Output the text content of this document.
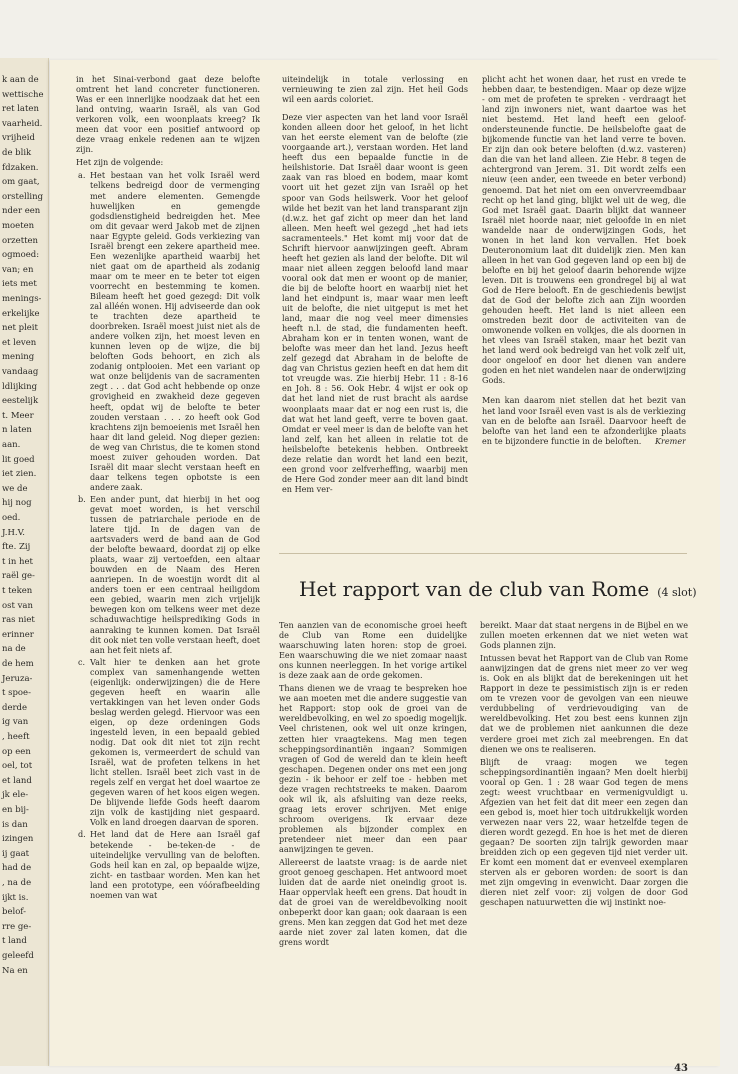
k aan de
wettische
ret laten
vaarheid.
vrijheid
de blik
fdzaken.
om gaat,
orstelling
nder een
moeten
orzetten
ogmoed:
van; en
iets met
menings-
erkelijke
net pleit
et leven
mening
vandaag
ldlijking
eestelijk
t. Meer
n laten
aan.
lit goed
iet zien.
we de
hij nog
oed.
J.H.V.
fte. Zij
t in het
raël ge-
t teken
ost van
ras niet
erinner
na de
de hem
Jeruza-
t spoe-
derde
ig van
, heeft
op een
oel, tot
et land
jk ele-
en bij-
is dan
izingen
ij gaat
had de
, na de
ijkt is.
belof-
rre ge-
t land
geleefd
Na en

in het Sinai-verbond gaat deze belofte omtrent het land concreter functioneren. Was er een innerlijke noodzaak dat het een land ontving, waarin Israël, als van God verkoren volk, een woonplaats kreeg? Ik meen dat voor een positief antwoord op deze vraag enkele redenen aan te wijzen zijn.

Het zijn de volgende:

a. Het bestaan van het volk Israël werd telkens bedreigd door de vermenging met andere elementen. Gemengde huwelijken en gemengde godsdienstigheid bedreigden het. Mee om dit gevaar werd Jakob met de zijnen naar Egypte geleid. Gods verkiezing van Israël brengt een zekere apartheid mee. Een wezenlijke apartheid waarbij het niet gaat om de apartheid als zodanig maar om te meer en te beter tot eigen voorrecht en bestemming te komen. Bileam heeft het goed gezegd: Dit volk zal alléén wonen. Hij adviseerde dan ook te trachten deze apartheid te doorbreken. Israël moest juist niet als de andere volken zijn, het moest leven en kunnen leven op de wijze, die bij beloften Gods behoort, en zich als zodanig ontplooien. Met een variant op wat onze belijdenis van de sacramenten zegt . . . dat God acht hebbende op onze grovigheid en zwakheid deze gegeven heeft, opdat wij de belofte te beter zouden verstaan . . . zo heeft ook God krachtens zijn bemoeienis met Israël hen haar dit land geleid. Nog dieper gezien: de weg van Christus, die te komen stond moest zuiver gehouden worden. Dat Israël dit maar slecht verstaan heeft en daar telkens tegen opbotste is een andere zaak.
b. Een ander punt, dat hierbij in het oog gevat moet worden, is het verschil tussen de patriarchale periode en de latere tijd. In de dagen van de aartsvaders werd de band aan de God der belofte bewaard, doordat zij op elke plaats, waar zij vertoefden, een altaar bouwden en de Naam des Heren aanriepen. In de woestijn wordt dit al anders toen er een centraal heiligdom een gebied, waarin men zich vrijelijk bewegen kon om telkens weer met deze schaduwachtige heilsprediking Gods in aanraking te kunnen komen. Dat Israël dit ook niet ten volle verstaan heeft, doet aan het feit niets af.
c. Valt hier te denken aan het grote complex van samenhangende wetten (eigenlijk: onderwijzingen) die de Here gegeven heeft en waarin alle vertakkingen van het leven onder Gods beslag werden gelegd. Hiervoor was een eigen, op deze ordeningen Gods ingesteld leven, in een bepaald gebied nodig. Dat ook dit niet tot zijn recht gekomen is, vermeerdert de schuld van Israël, wat de profeten telkens in het licht stellen. Israël beet zich vast in de regels zelf en vergat het doel waartoe ze gegeven waren of het koos eigen wegen. De blijvende liefde Gods heeft daarom zijn volk de kastijding niet gespaard. Volk en land droegen daarvan de sporen.
d. Het land dat de Here aan Israël gaf betekende - be-teken-de - de uiteindelijke vervulling van de beloften. Gods heil kan en zal, op bepaalde wijze, zicht- en tastbaar worden. Men kan het land een prototype, een vóórafbeelding noemen van wat

uiteindelijk in totale verlossing en vernieuwing te zien zal zijn. Het heil Gods wil een aards coloriet.

Deze vier aspecten van het land voor Israël konden alleen door het geloof, in het licht van het eerste element van de belofte (zie voorgaande art.), verstaan worden. Het land heeft dus een bepaalde functie in de heilshistorie. Dat Israël daar woont is geen zaak van ras bloed en bodem, maar komt voort uit het gezet zijn van Israël op het spoor van Gods heilswerk. Voor het geloof wilde het bezit van het land transparant zijn (d.w.z. het gaf zicht op meer dan het land alleen. Men heeft wel gezegd „het had iets sacramenteels." Het komt mij voor dat de Schrift hiervoor aanwijzingen geeft. Abram heeft het gezien als land der belofte. Dit wil maar niet alleen zeggen beloofd land maar vooral ook dat men er woont op de manier, die bij de belofte hoort en waarbij niet het land het eindpunt is, maar waar men leeft uit de belofte, die niet uitgeput is met het land, maar die nog veel meer dimensies heeft n.l. de stad, die fundamenten heeft. Abraham kon er in tenten wonen, want de belofte was meer dan het land. Jezus heeft zelf gezegd dat Abraham in de belofte de dag van Christus gezien heeft en dat hem dit tot vreugde was. Zie hierbij Hebr. 11 : 8-16 en Joh. 8 : 56. Ook Hebr. 4 wijst er ook op dat het land niet de rust bracht als aardse woonplaats maar dat er nog een rust is, die dat wat het land geeft, verre te boven gaat. Omdat er veel meer is dan de belofte van het land zelf, kan het alleen in relatie tot de heilsbelofte betekenis hebben. Ontbreekt deze relatie dan wordt het land een bezit, een grond voor zelfverheffing, waarbij men de Here God zonder meer aan dit land bindt en Hem ver-

plicht acht het wonen daar, het rust en vrede te hebben daar, te bestendigen. Maar op deze wijze - om met de profeten te spreken - verdraagt het land zijn inwoners niet, want daartoe was het niet bestemd. Het land heeft een geloof-ondersteunende functie. De heilsbelofte gaat de bijkomende functie van het land verre te boven. Er zijn dan ook betere beloften (d.w.z. vasteren) dan die van het land alleen. Zie Hebr. 8 tegen de achtergrond van Jerem. 31. Dit wordt zelfs een nieuw (een ander, een tweede en beter verbond) genoemd. Dat het niet om een onvervreemdbaar recht op het land ging, blijkt wel uit de weg, die God met Israël gaat. Daarin blijkt dat wanneer Israël niet hoorde naar, niet geloofde in en niet wandelde naar de onderwijzingen Gods, het wonen in het land kon vervallen. Het boek Deuteronomium laat dit duidelijk zien. Men kan alleen in het van God gegeven land op een bij de belofte en bij het geloof daarin behorende wijze leven. Dit is trouwens een grondregel bij al wat God de Here belooft. En de geschiedenis bewijst dat de God der belofte zich aan Zijn woorden gehouden heeft. Het land is niet alleen een omstreden bezit door de activiteiten van de omwonende volken en volkjes, die als doornen in het vlees van Israël staken, maar het bezit van het land werd ook bedreigd van het volk zelf uit, door ongeloof en door het dienen van andere goden en het niet wandelen naar de onderwijzing Gods.

Men kan daarom niet stellen dat het bezit van het land voor Israël even vast is als de verkiezing van en de belofte aan Israël. Daarvoor heeft de belofte van het land een te afzonderlijke plaats en te bijzondere functie in de beloften. Kremer

Het rapport van de club van Rome (4 slot)

Ten aanzien van de economische groei heeft de Club van Rome een duidelijke waarschuwing laten horen: stop de groei. Een waarschuwing die we niet zomaar naast ons kunnen neerleggen. In het vorige artikel is deze zaak aan de orde gekomen.

Thans dienen we de vraag te bespreken hoe we aan moeten met die andere suggestie van het Rapport: stop ook de groei van de wereldbevolking, en wel zo spoedig mogelijk. Veel christenen, ook wel uit onze kringen, zetten hier vraagtekens. Mag men tegen scheppingsordinantiën ingaan? Sommigen vragen of God de wereld dan te klein heeft geschapen. Degenen onder ons met een jong gezin - ik behoor er zelf toe - hebben met deze vragen rechtstreeks te maken. Daarom ook wil ik, als afsluiting van deze reeks, graag iets erover schrijven. Met enige schroom overigens. Ik ervaar deze problemen als bijzonder complex en pretendeer niet meer dan een paar aanwijzingen te geven.

Allereerst de laatste vraag: is de aarde niet groot genoeg geschapen. Het antwoord moet luiden dat de aarde niet oneindig groot is. Haar oppervlak heeft een grens. Dat houdt in dat de groei van de wereldbevolking nooit onbeperkt door kan gaan; ook daaraan is een grens. Men kan zeggen dat God het met deze aarde niet zover zal laten komen, dat die grens wordt

bereikt. Maar dat staat nergens in de Bijbel en we zullen moeten erkennen dat we niet weten wat Gods plannen zijn.

Intussen bevat het Rapport van de Club van Rome aanwijzingen dat de grens niet meer zo ver weg is. Ook en als blijkt dat de berekeningen uit het Rapport in deze te pessimistisch zijn is er reden om te vrezen voor de gevolgen van een nieuwe verdubbeling of verdrievoudiging van de wereldbevolking. Het zou best eens kunnen zijn dat we de problemen niet aankunnen die deze verdere groei met zich zal meebrengen. En dat dienen we ons te realiseren.

Blijft de vraag: mogen we tegen scheppingsordinantiën ingaan? Men doelt hierbij vooral op Gen. 1 : 28 waar God tegen de mens zegt: weest vruchtbaar en vermenigvuldigt u. Afgezien van het feit dat dit meer een zegen dan een gebod is, moet hier toch uitdrukkelijk worden verwezen naar vers 22, waar hetzelfde tegen de dieren wordt gezegd. En hoe is het met de dieren gegaan? De soorten zijn talrijk geworden maar breidden zich op een gegeven tijd niet verder uit. Er komt een moment dat er evenveel exemplaren sterven als er geboren worden: de soort is dan met zijn omgeving in evenwicht. Daar zorgen die dieren niet zelf voor: zij volgen de door God geschapen natuurwetten die wij instinkt noe-

43
